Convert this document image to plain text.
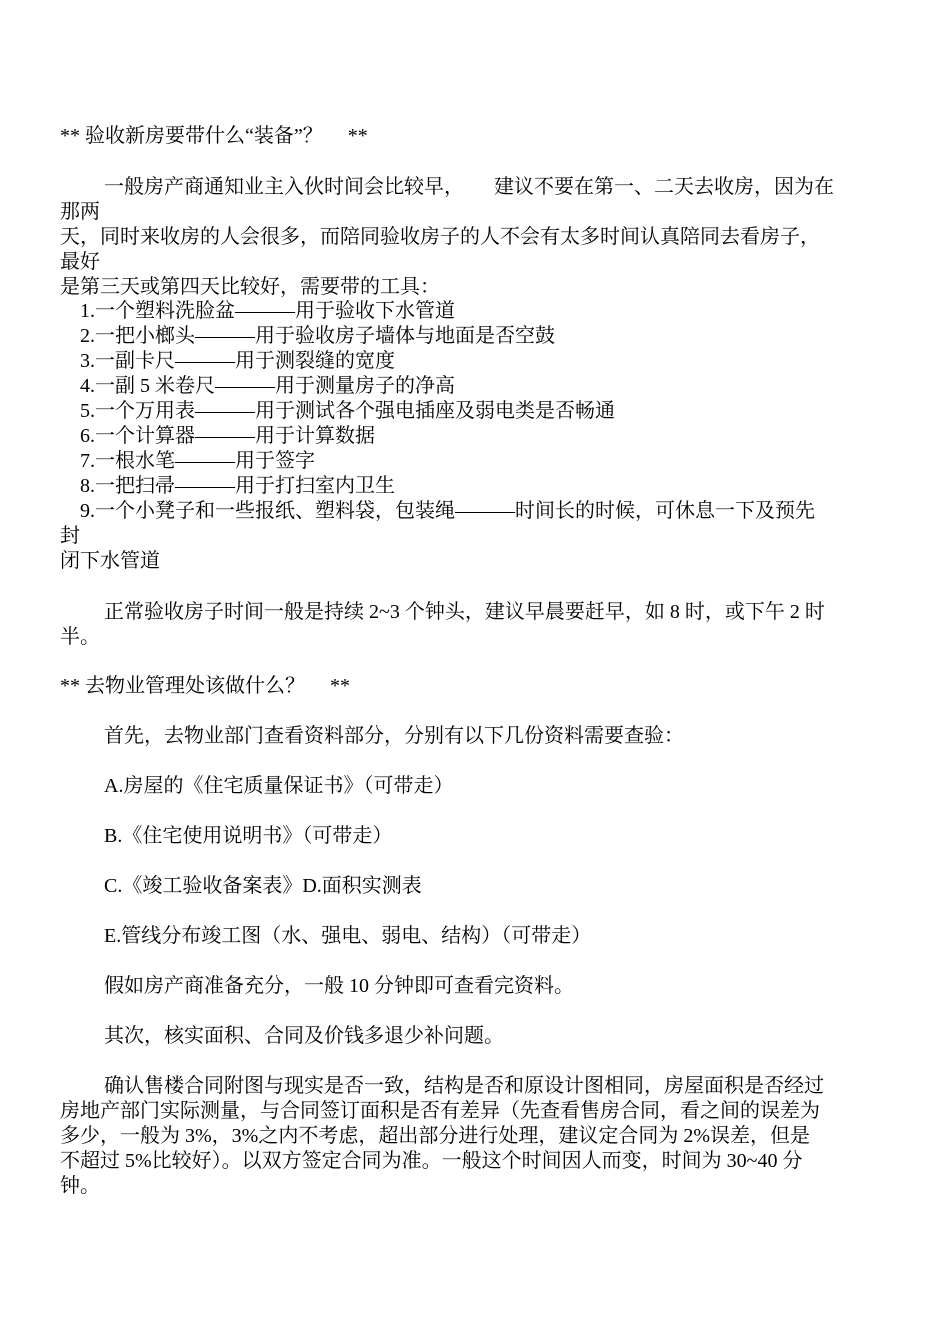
** 验收新房要带什么“装备”？     **
一般房产商通知业主入伙时间会比较早，      建议不要在第一、二天去收房，因为在
那两
天，同时来收房的人会很多，而陪同验收房子的人不会有太多时间认真陪同去看房子，
最好
是第三天或第四天比较好，需要带的工具：
1.一个塑料洗脸盆———用于验收下水管道
2.一把小榔头———用于验收房子墙体与地面是否空鼓
3.一副卡尺———用于测裂缝的宽度
4.一副 5 米卷尺———用于测量房子的净高
5.一个万用表———用于测试各个强电插座及弱电类是否畅通
6.一个计算器———用于计算数据
7.一根水笔———用于签字
8.一把扫帚———用于打扫室内卫生
9.一个小凳子和一些报纸、塑料袋，包装绳———时间长的时候，可休息一下及预先
封
闭下水管道
正常验收房子时间一般是持续 2~3 个钟头，建议早晨要赶早，如 8 时，或下午 2 时
半。
** 去物业管理处该做什么？     **
首先，去物业部门查看资料部分，分别有以下几份资料需要查验：
A.房屋的《住宅质量保证书》（可带走）
B.《住宅使用说明书》（可带走）
C.《竣工验收备案表》D.面积实测表
E.管线分布竣工图（水、强电、弱电、结构）（可带走）
假如房产商准备充分，一般 10 分钟即可查看完资料。
其次，核实面积、合同及价钱多退少补问题。
确认售楼合同附图与现实是否一致，结构是否和原设计图相同，房屋面积是否经过
房地产部门实际测量，与合同签订面积是否有差异（先查看售房合同，看之间的误差为
多少，一般为 3%，3%之内不考虑，超出部分进行处理，建议定合同为 2%误差，但是
不超过 5%比较好）。以双方签定合同为准。一般这个时间因人而变，时间为 30~40 分
钟。
